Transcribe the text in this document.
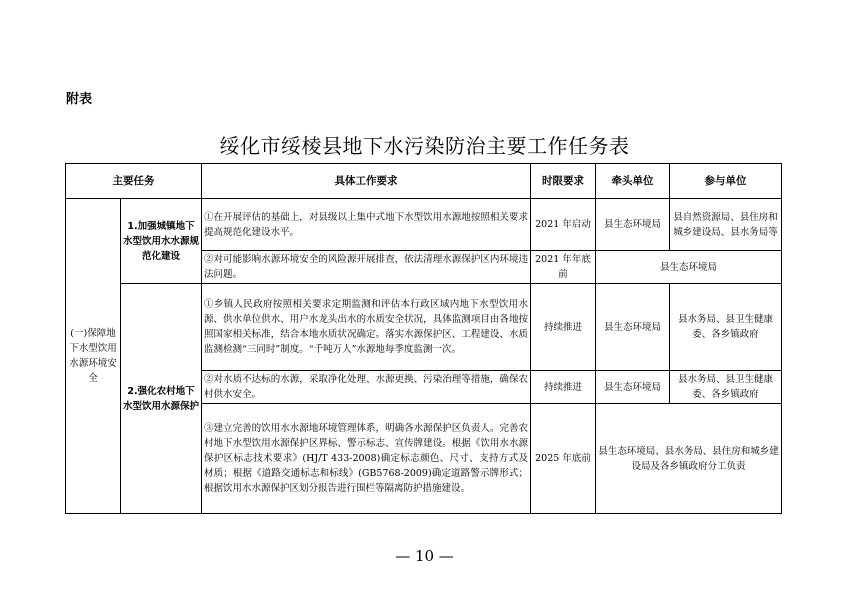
附表
绥化市绥棱县地下水污染防治主要工作任务表
主要任务		具体工作要求	时限要求	牵头单位	参与单位
(一)保障地下水型饮用水源环境安全	1.加强城镇地下水型饮用水水源规范化建设	①在开展评估的基础上，对县级以上集中式地下水型饮用水源地按照相关要求提高规范化建设水平。	2021 年启动	县生态环境局	县自然资源局、县住房和城乡建设局、县水务局等
		②对可能影响水源环境安全的风险源开展排查，依法清理水源保护区内环境违法问题。	2021 年年底前	县生态环境局	
	2.强化农村地下水型饮用水源保护	①乡镇人民政府按照相关要求定期监测和评估本行政区域内地下水型饮用水源、供水单位供水、用户水龙头出水的水质安全状况，具体监测项目由各地按照国家相关标准，结合本地水质状况确定。落实水源保护区、工程建设、水质监测检测“三同时”制度。“千吨万人”水源地每季度监测一次。	持续推进	县生态环境局	县水务局、县卫生健康委、各乡镇政府
		②对水质不达标的水源，采取净化处理、水源更换、污染治理等措施，确保农村供水安全。	持续推进	县生态环境局	县水务局、县卫生健康委、各乡镇政府
		③建立完善的饮用水水源地环境管理体系，明确各水源保护区负责人。完善农村地下水型饮用水源保护区界标、警示标志、宣传牌建设。根据《饮用水水源保护区标志技术要求》(HJ/T 433-2008)确定标志颜色、尺寸、支持方式及材质；根据《道路交通标志和标线》(GB5768-2009)确定道路警示牌形式；根据饮用水水源保护区划分报告进行围栏等隔离防护措施建设。	2025 年底前	县生态环境局、县水务局、县住房和城乡建设局及各乡镇政府分工负责	
— 10 —
